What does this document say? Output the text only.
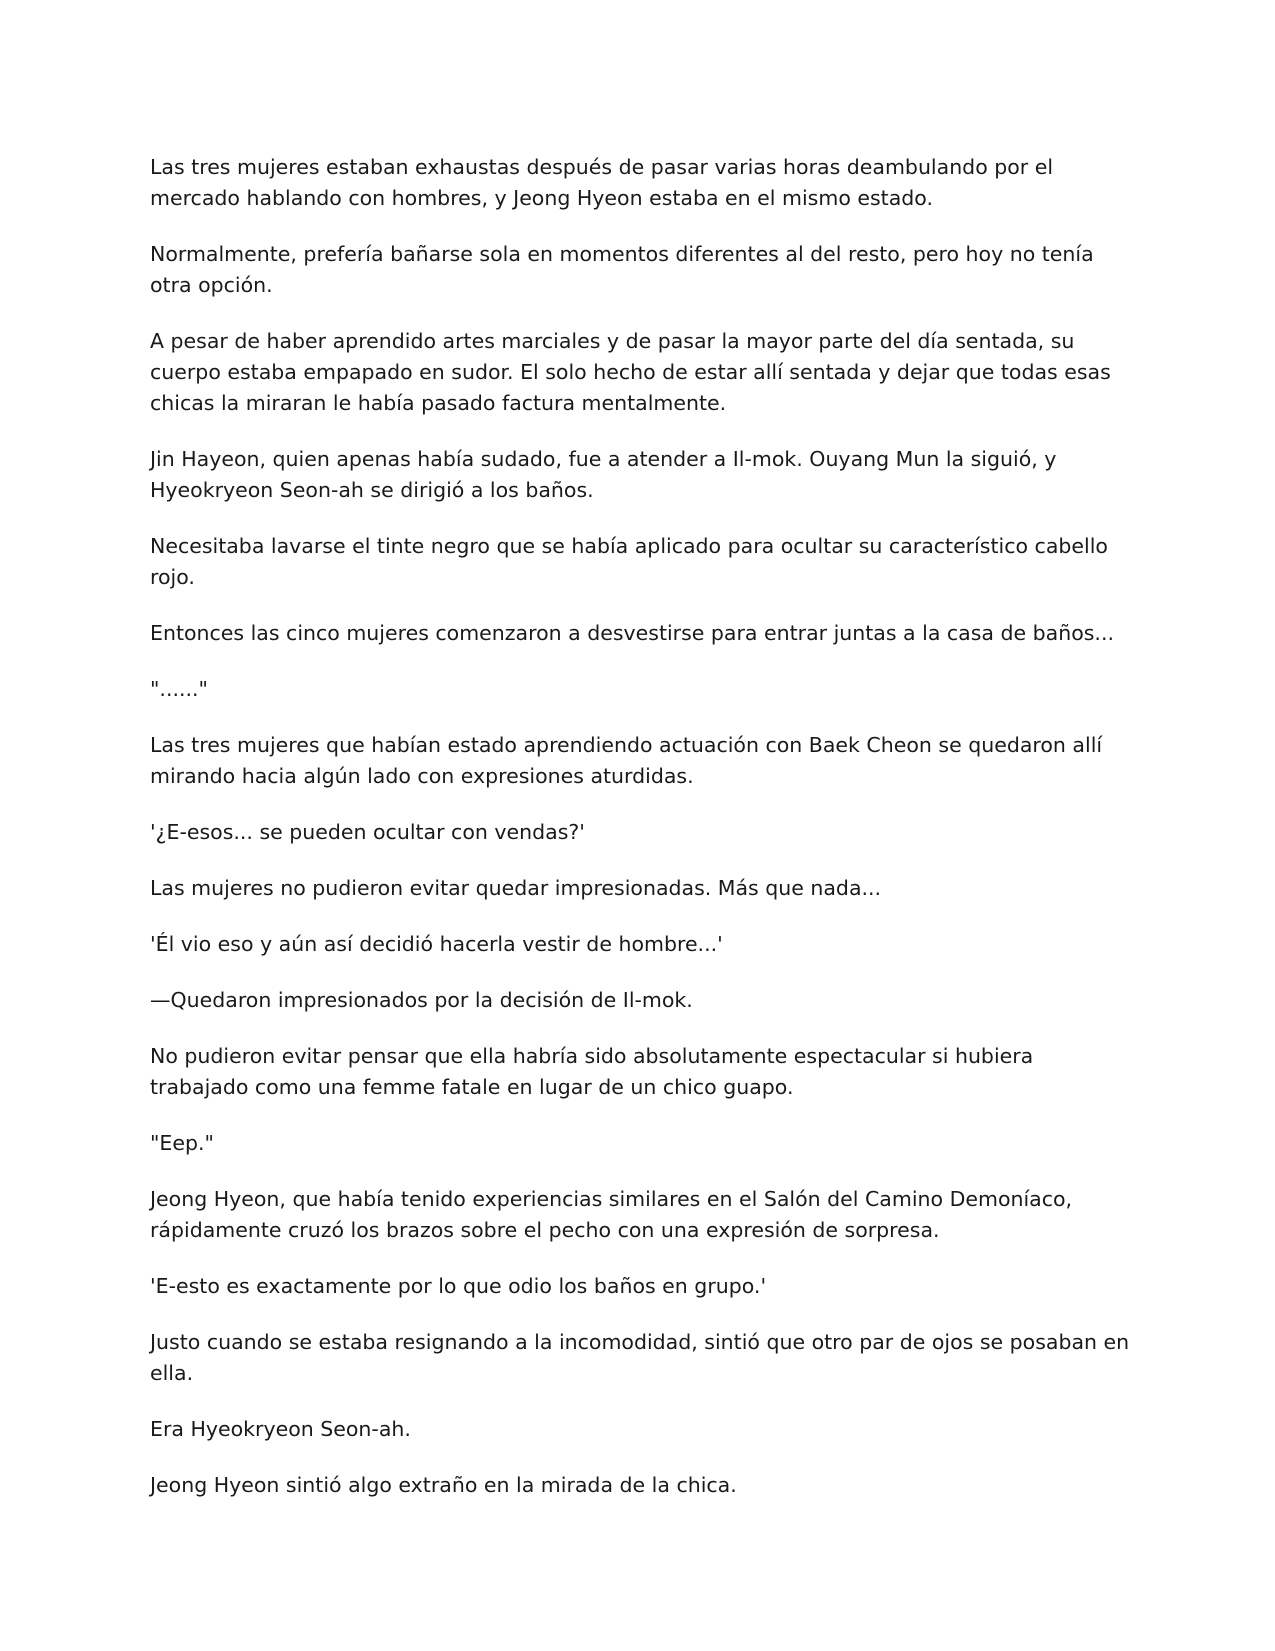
Las tres mujeres estaban exhaustas después de pasar varias horas deambulando por el mercado hablando con hombres, y Jeong Hyeon estaba en el mismo estado.

Normalmente, prefería bañarse sola en momentos diferentes al del resto, pero hoy no tenía otra opción.

A pesar de haber aprendido artes marciales y de pasar la mayor parte del día sentada, su cuerpo estaba empapado en sudor. El solo hecho de estar allí sentada y dejar que todas esas chicas la miraran le había pasado factura mentalmente.

Jin Hayeon, quien apenas había sudado, fue a atender a Il-mok. Ouyang Mun la siguió, y Hyeokryeon Seon-ah se dirigió a los baños.

Necesitaba lavarse el tinte negro que se había aplicado para ocultar su característico cabello rojo.

Entonces las cinco mujeres comenzaron a desvestirse para entrar juntas a la casa de baños...

"......"

Las tres mujeres que habían estado aprendiendo actuación con Baek Cheon se quedaron allí mirando hacia algún lado con expresiones aturdidas.

'¿E-esos... se pueden ocultar con vendas?'

Las mujeres no pudieron evitar quedar impresionadas. Más que nada...

'Él vio eso y aún así decidió hacerla vestir de hombre...'

—Quedaron impresionados por la decisión de Il-mok.

No pudieron evitar pensar que ella habría sido absolutamente espectacular si hubiera trabajado como una femme fatale en lugar de un chico guapo.

"Eep."

Jeong Hyeon, que había tenido experiencias similares en el Salón del Camino Demoníaco, rápidamente cruzó los brazos sobre el pecho con una expresión de sorpresa.

'E-esto es exactamente por lo que odio los baños en grupo.'

Justo cuando se estaba resignando a la incomodidad, sintió que otro par de ojos se posaban en ella.

Era Hyeokryeon Seon-ah.

Jeong Hyeon sintió algo extraño en la mirada de la chica.
